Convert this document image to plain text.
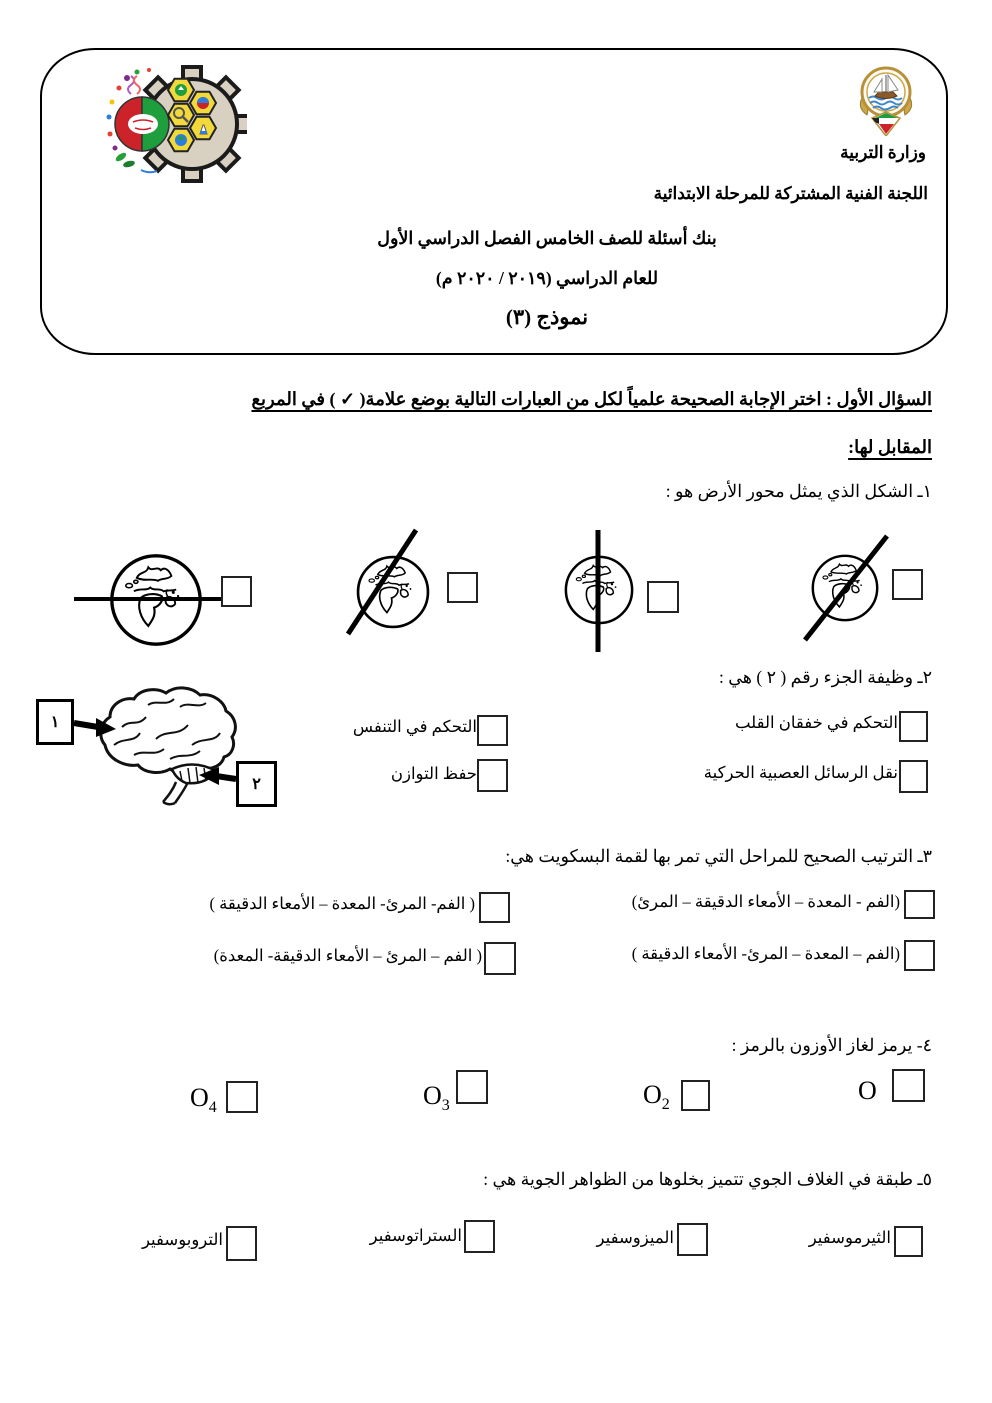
وزارة التربية
اللجنة الفنية المشتركة للمرحلة الابتدائية
بنك أسئلة للصف الخامس الفصل الدراسي الأول
للعام الدراسي (٢٠١٩ / ٢٠٢٠ م)
نموذج (٣)
السؤال الأول : اختر الإجابة الصحيحة علمياً لكل من العبارات التالية بوضع علامة( ✓ ) في المربع
المقابل لها:
١ـ الشكل الذي يمثل محور الأرض هو :
٢ـ وظيفة الجزء رقم ( ٢ ) هي :
التحكم في خفقان القلب
نقل الرسائل العصبية الحركية
التحكم في التنفس
حفظ التوازن
١
٢
٣ـ الترتيب الصحيح للمراحل التي تمر بها لقمة البسكويت هي:
(الفم - المعدة – الأمعاء الدقيقة – المرئ)
( الفم- المرئ- المعدة – الأمعاء الدقيقة )
(الفم – المعدة – المرئ- الأمعاء الدقيقة )
( الفم – المرئ – الأمعاء الدقيقة- المعدة)
٤- يرمز لغاز الأوزون بالرمز :
O
$O_2$
$O_3$
$O_4$
٥ـ طبقة في الغلاف الجوي تتميز بخلوها من الظواهر الجوية هي :
الثيرموسفير
الميزوسفير
الستراتوسفير
التروبوسفير
